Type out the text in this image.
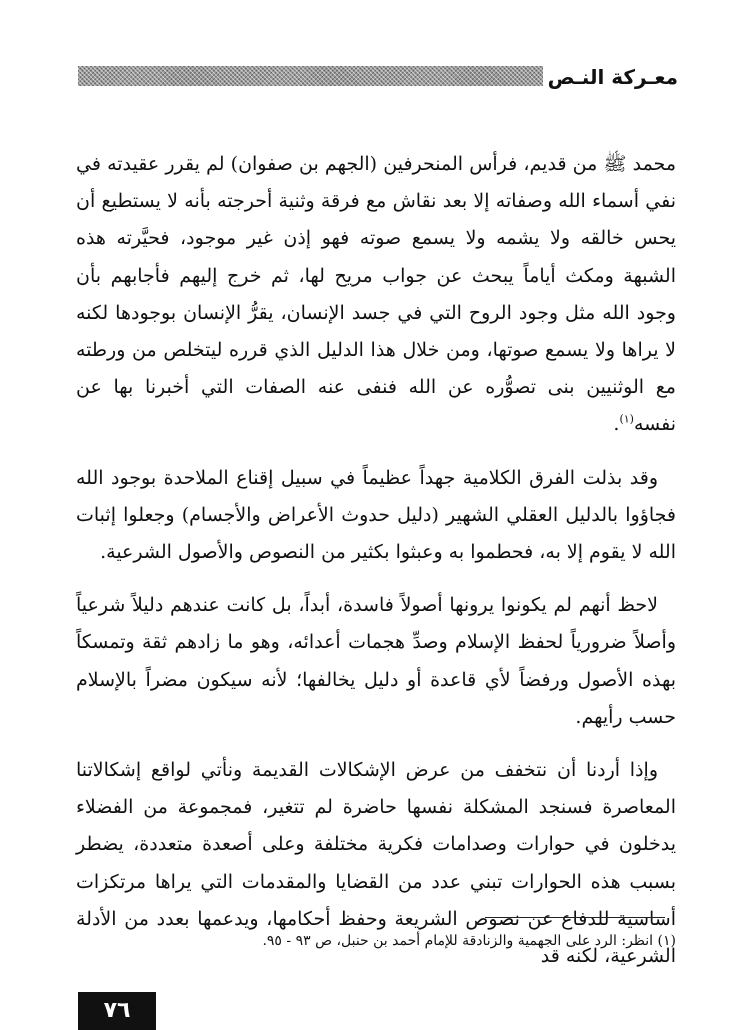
معـركة النـص

محمد ﷺ من قديم، فرأس المنحرفين (الجهم بن صفوان) لم يقرر عقيدته في نفي أسماء الله وصفاته إلا بعد نقاش مع فرقة وثنية أحرجته بأنه لا يستطيع أن يحس خالقه ولا يشمه ولا يسمع صوته فهو إذن غير موجود، فحيَّرته هذه الشبهة ومكث أياماً يبحث عن جواب مريح لها، ثم خرج إليهم فأجابهم بأن وجود الله مثل وجود الروح التي في جسد الإنسان، يقرُّ الإنسان بوجودها لكنه لا يراها ولا يسمع صوتها، ومن خلال هذا الدليل الذي قرره ليتخلص من ورطته مع الوثنيين بنى تصوُّره عن الله فنفى عنه الصفات التي أخبرنا بها عن نفسه$^{(١)}$.

وقد بذلت الفرق الكلامية جهداً عظيماً في سبيل إقناع الملاحدة بوجود الله فجاؤوا بالدليل العقلي الشهير (دليل حدوث الأعراض والأجسام) وجعلوا إثبات الله لا يقوم إلا به، فحطموا به وعبثوا بكثير من النصوص والأصول الشرعية.

لاحظ أنهم لم يكونوا يرونها أصولاً فاسدة، أبداً، بل كانت عندهم دليلاً شرعياً وأصلاً ضرورياً لحفظ الإسلام وصدِّ هجمات أعدائه، وهو ما زادهم ثقة وتمسكاً بهذه الأصول ورفضاً لأي قاعدة أو دليل يخالفها؛ لأنه سيكون مضراً بالإسلام حسب رأيهم.

وإذا أردنا أن نتخفف من عرض الإشكالات القديمة ونأتي لواقع إشكالاتنا المعاصرة فسنجد المشكلة نفسها حاضرة لم تتغير، فمجموعة من الفضلاء يدخلون في حوارات وصدامات فكرية مختلفة وعلى أصعدة متعددة، يضطر بسبب هذه الحوارات تبني عدد من القضايا والمقدمات التي يراها مرتكزات أساسية للدفاع عن نصوص الشريعة وحفظ أحكامها، ويدعمها بعدد من الأدلة الشرعية، لكنه قد

(١) انظر: الرد على الجهمية والزنادقة للإمام أحمد بن حنبل، ص ٩٣ - ٩٥.
٧٦
